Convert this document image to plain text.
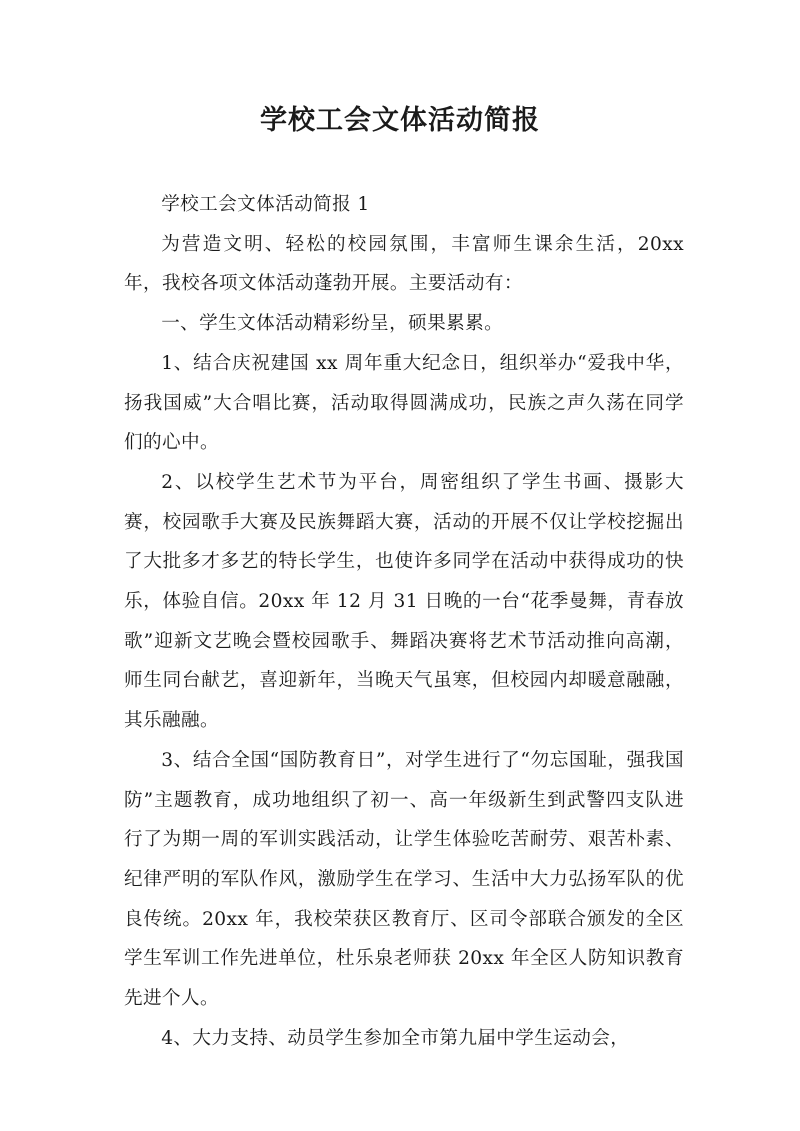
学校工会文体活动简报

学校工会文体活动简报 1

为营造文明、轻松的校园氛围，丰富师生课余生活，20xx 年，我校各项文体活动蓬勃开展。主要活动有：

一、学生文体活动精彩纷呈，硕果累累。

1、结合庆祝建国 xx 周年重大纪念日，组织举办“爱我中华，扬我国威”大合唱比赛，活动取得圆满成功，民族之声久荡在同学们的心中。

2、以校学生艺术节为平台，周密组织了学生书画、摄影大赛，校园歌手大赛及民族舞蹈大赛，活动的开展不仅让学校挖掘出了大批多才多艺的特长学生，也使许多同学在活动中获得成功的快乐，体验自信。20xx 年 12 月 31 日晚的一台“花季曼舞，青春放歌”迎新文艺晚会暨校园歌手、舞蹈决赛将艺术节活动推向高潮，师生同台献艺，喜迎新年，当晚天气虽寒，但校园内却暖意融融，其乐融融。

3、结合全国“国防教育日”，对学生进行了“勿忘国耻，强我国防”主题教育，成功地组织了初一、高一年级新生到武警四支队进行了为期一周的军训实践活动，让学生体验吃苦耐劳、艰苦朴素、纪律严明的军队作风，激励学生在学习、生活中大力弘扬军队的优良传统。20xx 年，我校荣获区教育厅、区司令部联合颁发的全区学生军训工作先进单位，杜乐泉老师获 20xx 年全区人防知识教育先进个人。

4、大力支持、动员学生参加全市第九届中学生运动会，
